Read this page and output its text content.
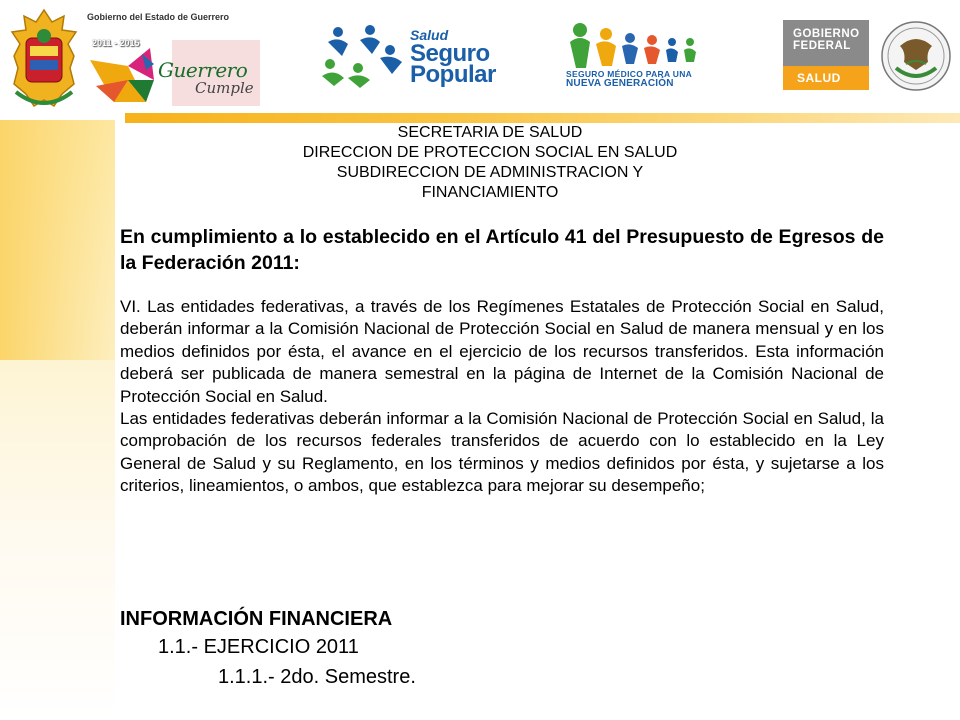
Gobierno del Estado de Guerrero
2011 - 2015
Guerrero
Cumple
Salud
Seguro
Popular	SEGURO MÉDICO PARA UNA
NUEVA GENERACIÓN
GOBIERNO
FEDERAL
SALUD
SECRETARIA DE SALUD
DIRECCION DE PROTECCION SOCIAL EN SALUD
SUBDIRECCION DE ADMINISTRACION Y
FINANCIAMIENTO
En cumplimiento a lo establecido en el Artículo 41 del Presupuesto de Egresos de la Federación 2011:

VI. Las entidades federativas, a través de los Regímenes Estatales de Protección Social en Salud, deberán informar a la Comisión Nacional de Protección Social en Salud de manera mensual y en los medios definidos por ésta, el avance en el ejercicio de los recursos transferidos. Esta información deberá ser publicada de manera semestral en la página de Internet de la Comisión Nacional de Protección Social en Salud.

Las entidades federativas deberán informar a la Comisión Nacional de Protección Social en Salud, la comprobación de los recursos federales transferidos de acuerdo con lo establecido en la Ley General de Salud y su Reglamento, en los términos y medios definidos por ésta, y sujetarse a los criterios, lineamientos, o ambos, que establezca para mejorar su desempeño;

INFORMACIÓN FINANCIERA
1.1.- EJERCICIO 2011
1.1.1.- 2do. Semestre.
